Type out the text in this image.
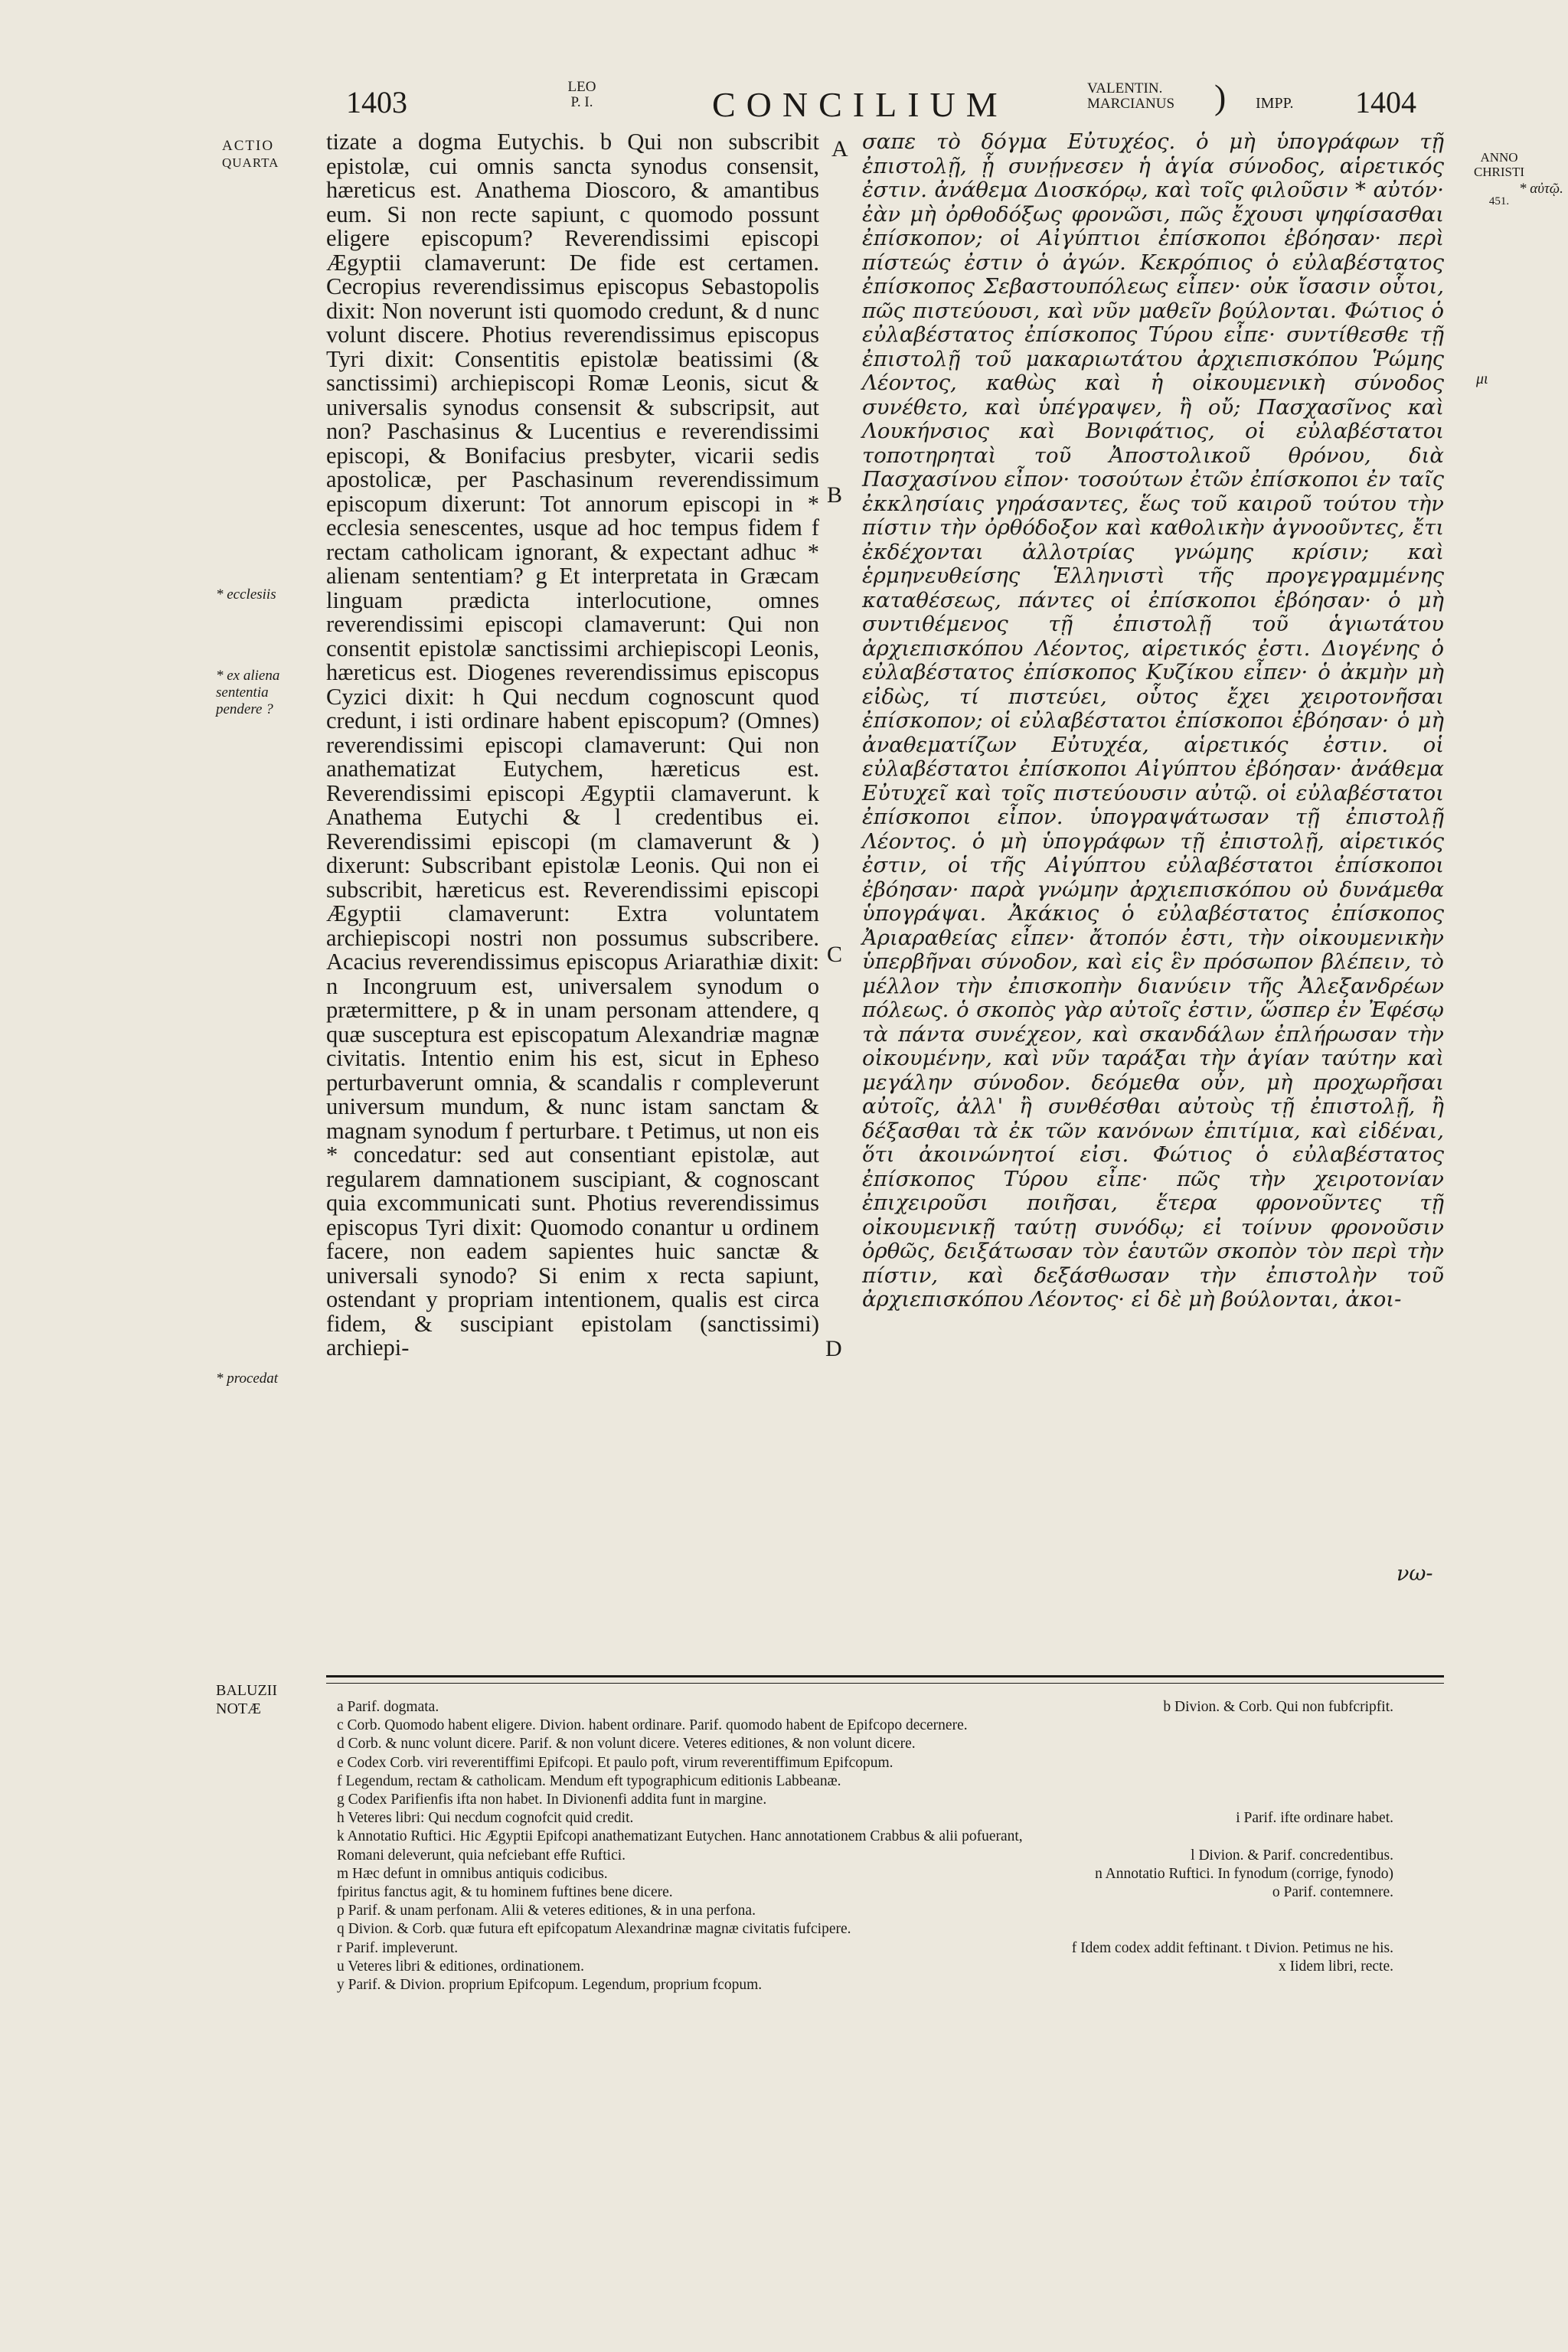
1403	LEO
P. I.	CONCILIUM	VALENTIN.
MARCIANUS	) IMPP. 1404
ACTIO
QUARTA
* ecclesiis
* ex aliena sententia pendere ?
* procedat
ANNO CHRISTI
451.
* αὐτῷ.
μι
BALUZII NOTÆ
A
B
C
D

tizate a dogma Eutychis. b Qui non subscribit epistolæ, cui omnis sancta synodus consensit, hæreticus est. Anathema Dioscoro, & amantibus eum. Si non recte sapiunt, c quomodo possunt eligere episcopum? Reverendissimi episcopi Ægyptii clamaverunt: De fide est certamen. Cecropius reverendissimus episcopus Sebastopolis dixit: Non noverunt isti quomodo credunt, & d nunc volunt discere. Photius reverendissimus episcopus Tyri dixit: Consentitis epistolæ beatissimi (& sanctissimi) archiepiscopi Romæ Leonis, sicut & universalis synodus consensit & subscripsit, aut non? Paschasinus & Lucentius e reverendissimi episcopi, & Bonifacius presbyter, vicarii sedis apostolicæ, per Paschasinum reverendissimum episcopum dixerunt: Tot annorum episcopi in * ecclesia senescentes, usque ad hoc tempus fidem f rectam catholicam ignorant, & expectant adhuc * alienam sententiam? g Et interpretata in Græcam linguam prædicta interlocutione, omnes reverendissimi episcopi clamaverunt: Qui non consentit epistolæ sanctissimi archiepiscopi Leonis, hæreticus est. Diogenes reverendissimus episcopus Cyzici dixit: h Qui necdum cognoscunt quod credunt, i isti ordinare habent episcopum? (Omnes) reverendissimi episcopi clamaverunt: Qui non anathematizat Eutychem, hæreticus est. Reverendissimi episcopi Ægyptii clamaverunt. k Anathema Eutychi & l credentibus ei. Reverendissimi episcopi (m clamaverunt & ) dixerunt: Subscribant epistolæ Leonis. Qui non ei subscribit, hæreticus est. Reverendissimi episcopi Ægyptii clamaverunt: Extra voluntatem archiepiscopi nostri non possumus subscribere. Acacius reverendissimus episcopus Ariarathiæ dixit: n Incongruum est, universalem synodum o prætermittere, p & in unam personam attendere, q quæ suscepturа est episcopatum Alexandriæ magnæ civitatis. Intentio enim his est, sicut in Ephesо perturbaverunt omnia, & scandalis r compleverunt universum mundum, & nunc istam sanctam & magnam synodum f perturbare. t Petimus, ut non eis * concedatur: sed aut consentiant epistolæ, aut regularem damnationem suscipiant, & cognoscant quia excommunicati sunt. Photius reverendissimus episcopus Tyri dixit: Quomodo conantur u ordinem facere, non eadem sapientes huic sanctæ & universali synodo? Si enim x recta sapiunt, ostendant y propriam intentionem, qualis est circa fidem, & suscipiant epistolam (sanctissimi) archiepi-

σαπε τὸ δόγμα Εὐτυχέος. ὁ μὴ ὑπογράφων τῇ ἐπιστολῇ, ᾗ συνῄνεσεν ἡ ἁγία σύνοδος, αἱρετικός ἐστιν. ἀνάθεμα Διοσκόρῳ, καὶ τοῖς φιλοῦσιν * αὐτόν· ἐὰν μὴ ὀρθοδόξως φρονῶσι, πῶς ἔχουσι ψηφίσασθαι ἐπίσκοπον; οἱ Αἰγύπτιοι ἐπίσκοποι ἐβόησαν· περὶ πίστεώς ἐστιν ὁ ἀγών. Κεκρόπιος ὁ εὐλαβέστατος ἐπίσκοπος Σεβαστουπόλεως εἶπεν· οὐκ ἴσασιν οὗτοι, πῶς πιστεύουσι, καὶ νῦν μαθεῖν βούλονται. Φώτιος ὁ εὐλαβέστατος ἐπίσκοπος Τύρου εἶπε· συντίθεσθε τῇ ἐπιστολῇ τοῦ μακαριωτάτου ἀρχιεπισκόπου Ῥώμης Λέοντος, καθὼς καὶ ἡ οἰκουμενικὴ σύνοδος συνέθετο, καὶ ὑπέγραψεν, ἢ οὔ; Πασχασῖνος καὶ Λουκήνσιος καὶ Βονιφάτιος, οἱ εὐλαβέστατοι τοποτηρηταὶ τοῦ Ἀποστολικοῦ θρόνου, διὰ Πασχασίνου εἶπον· τοσούτων ἐτῶν ἐπίσκοποι ἐν ταῖς ἐκκλησίαις γηράσαντες, ἕως τοῦ καιροῦ τούτου τὴν πίστιν τὴν ὀρθόδοξον καὶ καθολικὴν ἀγνοοῦντες, ἔτι ἐκδέχονται ἀλλοτρίας γνώμης κρίσιν; καὶ ἑρμηνευθείσης Ἑλληνιστὶ τῆς προγεγραμμένης καταθέσεως, πάντες οἱ ἐπίσκοποι ἐβόησαν· ὁ μὴ συντιθέμενος τῇ ἐπιστολῇ τοῦ ἁγιωτάτου ἀρχιεπισκόπου Λέοντος, αἱρετικός ἐστι. Διογένης ὁ εὐλαβέστατος ἐπίσκοπος Κυζίκου εἶπεν· ὁ ἀκμὴν μὴ εἰδὼς, τί πιστεύει, οὗτος ἔχει χειροτονῆσαι ἐπίσκοπον; οἱ εὐλαβέστατοι ἐπίσκοποι ἐβόησαν· ὁ μὴ ἀναθεματίζων Εὐτυχέα, αἱρετικός ἐστιν. οἱ εὐλαβέστατοι ἐπίσκοποι Αἰγύπτου ἐβόησαν· ἀνάθεμα Εὐτυχεῖ καὶ τοῖς πιστεύουσιν αὐτῷ. οἱ εὐλαβέστατοι ἐπίσκοποι εἶπον. ὑπογραψάτωσαν τῇ ἐπιστολῇ Λέοντος. ὁ μὴ ὑπογράφων τῇ ἐπιστολῇ, αἱρετικός ἐστιν, οἱ τῆς Αἰγύπτου εὐλαβέστατοι ἐπίσκοποι ἐβόησαν· παρὰ γνώμην ἀρχιεπισκόπου οὐ δυνάμεθα ὑπογράψαι. Ἀκάκιος ὁ εὐλαβέστατος ἐπίσκοπος Ἀριαραθείας εἶπεν· ἄτοπόν ἐστι, τὴν οἰκουμενικὴν ὑπερβῆναι σύνοδον, καὶ εἰς ἓν πρόσωπον βλέπειν, τὸ μέλλον τὴν ἐπισκοπὴν διανύειν τῆς Ἀλεξανδρέων πόλεως. ὁ σκοπὸς γὰρ αὐτοῖς ἐστιν, ὥσπερ ἐν Ἐφέσῳ τὰ πάντα συνέχεον, καὶ σκανδάλων ἐπλήρωσαν τὴν οἰκουμένην, καὶ νῦν ταράξαι τὴν ἁγίαν ταύτην καὶ μεγάλην σύνοδον. δεόμεθα οὖν, μὴ προχωρῆσαι αὐτοῖς, ἀλλ' ἢ συνθέσθαι αὐτοὺς τῇ ἐπιστολῇ, ἢ δέξασθαι τὰ ἐκ τῶν κανόνων ἐπιτίμια, καὶ εἰδέναι, ὅτι ἀκοινώνητοί εἰσι. Φώτιος ὁ εὐλαβέστατος ἐπίσκοπος Τύρου εἶπε· πῶς τὴν χειροτονίαν ἐπιχειροῦσι ποιῆσαι, ἕτερα φρονοῦντες τῇ οἰκουμενικῇ ταύτῃ συνόδῳ; εἰ τοίνυν φρονοῦσιν ὀρθῶς, δειξάτωσαν τὸν ἑαυτῶν σκοπὸν τὸν περὶ τὴν πίστιν, καὶ δεξάσθωσαν τὴν ἐπιστολὴν τοῦ ἀρχιεπισκόπου Λέοντος· εἰ δὲ μὴ βούλονται, ἀκοι-

νω-
a Parif. dogmata.	b Divion. & Corb. Qui non fubfcripfit.
c Corb. Quomodo habent eligere. Divion. habent ordinare. Parif. quomodo habent de Epifcopo decernere.
d Corb. & nunc volunt dicere. Parif. & non volunt dicere. Veteres editiones, & non volunt dicere.
e Codex Corb. viri reverentiffimi Epifcopi. Et paulo poft, virum reverentiffimum Epifcopum.
f Legendum, rectam & catholicam. Mendum eft typographicum editionis Labbeanæ.
g Codex Parifienfis ifta non habet. In Divionenfi addita funt in margine.
h Veteres libri: Qui necdum cognofcit quid credit.	i Parif. ifte ordinare habet.
k Annotatio Ruftici. Hic Ægyptii Epifcopi anathematizant Eutychen. Hanc annotationem Crabbus & alii pofuerant,
Romani deleverunt, quia nefciebant effe Ruftici.	l Divion. & Parif. concredentibus.
m Hæc defunt in omnibus antiquis codicibus.	n Annotatio Ruftici. In fynodum (corrige, fynodo)
fpiritus fanctus agit, & tu hominem fuftines bene dicere.	o Parif. contemnere.
p Parif. & unam perfonam. Alii & veteres editiones, & in una perfona.
q Divion. & Corb. quæ futura eft epifcopatum Alexandrinæ magnæ civitatis fufcipere.
r Parif. impleverunt.	f Idem codex addit feftinant. t Divion. Petimus ne his.
u Veteres libri & editiones, ordinationem.	x Iidem libri, recte.
y Parif. & Divion. proprium Epifcopum. Legendum, proprium fcopum.
